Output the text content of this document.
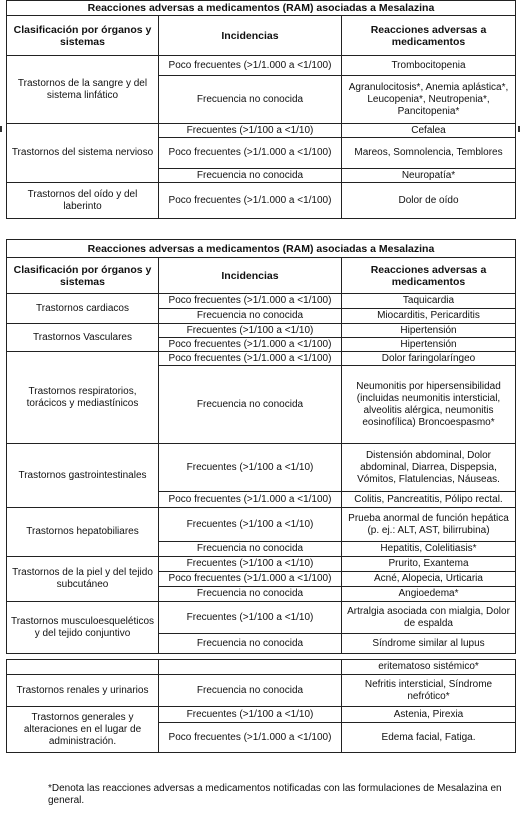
Reacciones adversas a medicamentos (RAM) asociadas a Mesalazina		
Clasificación por órganos y sistemas	Incidencias	Reacciones adversas a medicamentos
Trastornos de la sangre y del sistema linfático	Poco frecuentes (>1/1.000 a <1/100)	Trombocitopenia
	Frecuencia no conocida	Agranulocitosis*, Anemia aplástica*, Leucopenia*, Neutropenia*, Pancitopenia*
Trastornos del sistema nervioso	Frecuentes (>1/100 a <1/10)	Cefalea
	Poco frecuentes (>1/1.000 a <1/100)	Mareos, Somnolencia, Temblores
	Frecuencia no conocida	Neuropatía*
Trastornos del oído y del laberinto	Poco frecuentes (>1/1.000 a <1/100)	Dolor de oído
Reacciones adversas a medicamentos (RAM) asociadas a Mesalazina		
Clasificación por órganos y sistemas	Incidencias	Reacciones adversas a medicamentos
Trastornos cardiacos	Poco frecuentes (>1/1.000 a <1/100)	Taquicardia
	Frecuencia no conocida	Miocarditis, Pericarditis
Trastornos Vasculares	Frecuentes (>1/100 a <1/10)	Hipertensión
	Poco frecuentes (>1/1.000 a <1/100)	Hipertensión
Trastornos respiratorios, torácicos y mediastínicos	Poco frecuentes (>1/1.000 a <1/100)	Dolor faringolaríngeo
	Frecuencia no conocida	Neumonitis por hipersensibilidad (incluidas neumonitis intersticial, alveolitis alérgica, neumonitis eosinofílica) Broncoespasmo*
Trastornos gastrointestinales	Frecuentes (>1/100 a <1/10)	Distensión abdominal, Dolor abdominal, Diarrea, Dispepsia, Vómitos, Flatulencias, Náuseas.
	Poco frecuentes (>1/1.000 a <1/100)	Colitis, Pancreatitis, Pólipo rectal.
Trastornos hepatobiliares	Frecuentes (>1/100 a <1/10)	Prueba anormal de función hepática (p. ej.: ALT, AST, bilirrubina)
	Frecuencia no conocida	Hepatitis, Colelitiasis*
Trastornos de la piel y del tejido subcutáneo	Frecuentes (>1/100 a <1/10)	Prurito, Exantema
	Poco frecuentes (>1/1.000 a <1/100)	Acné, Alopecia, Urticaria
	Frecuencia no conocida	Angioedema*
Trastornos musculoesqueléticos y del tejido conjuntivo	Frecuentes (>1/100 a <1/10)	Artralgia asociada con mialgia, Dolor de espalda
	Frecuencia no conocida	Síndrome similar al lupus

		eritematoso sistémico*
Trastornos renales y urinarios	Frecuencia no conocida	Nefritis intersticial, Síndrome nefrótico*
Trastornos generales y alteraciones en el lugar de administración.	Frecuentes (>1/100 a <1/10)	Astenia, Pirexia
	Poco frecuentes (>1/1.000 a <1/100)	Edema facial, Fatiga.
*Denota las reacciones adversas a medicamentos notificadas con las formulaciones de Mesalazina en general.
